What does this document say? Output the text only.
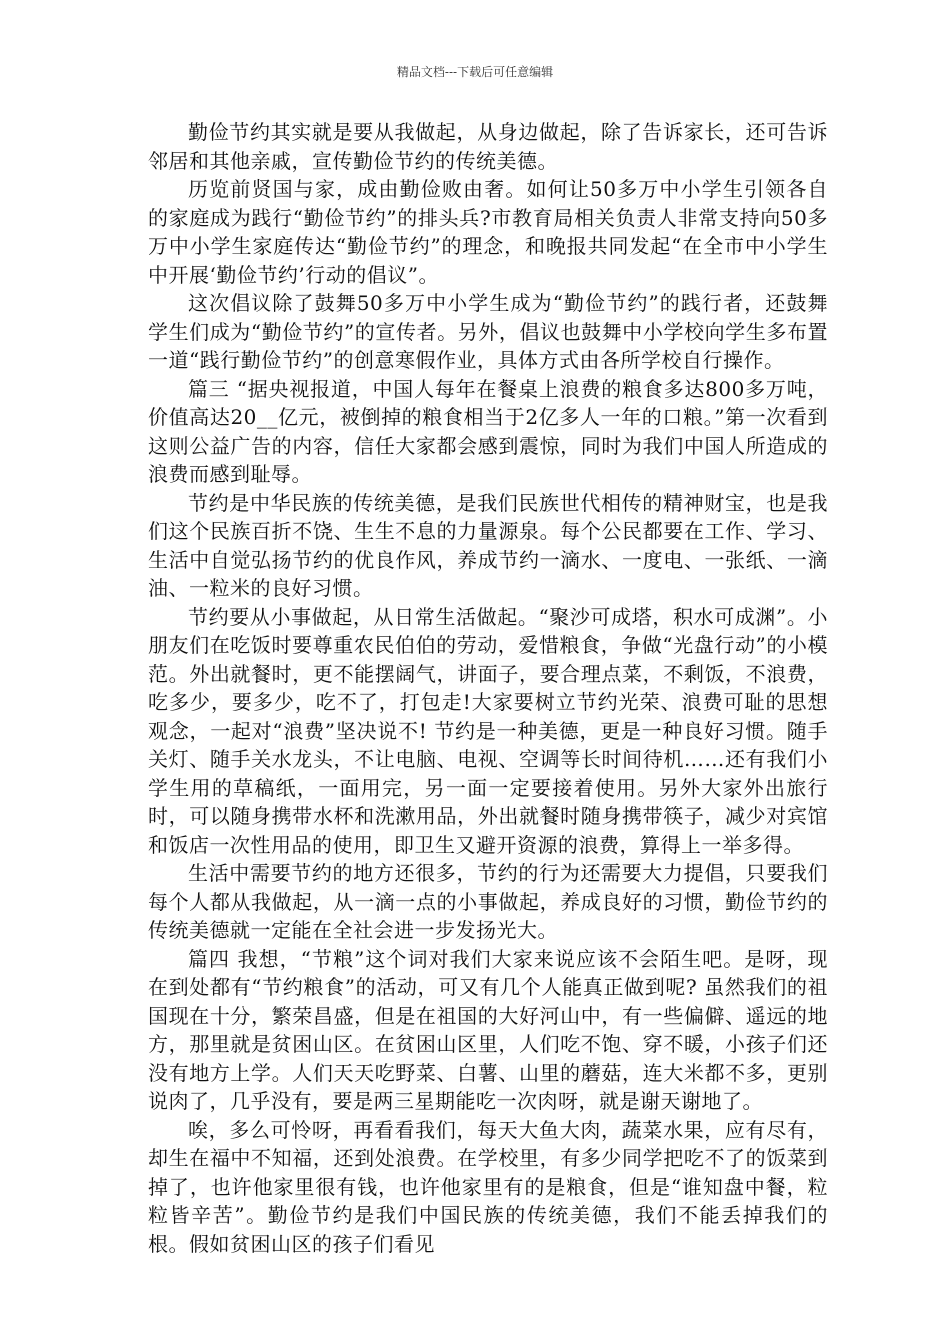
精品文档---下载后可任意编辑

勤俭节约其实就是要从我做起，从身边做起，除了告诉家长，还可告诉邻居和其他亲戚，宣传勤俭节约的传统美德。

历览前贤国与家，成由勤俭败由奢。如何让50多万中小学生引领各自的家庭成为践行“勤俭节约”的排头兵?市教育局相关负责人非常支持向50多万中小学生家庭传达“勤俭节约”的理念，和晚报共同发起“在全市中小学生中开展‘勤俭节约’行动的倡议”。

这次倡议除了鼓舞50多万中小学生成为“勤俭节约”的践行者，还鼓舞学生们成为“勤俭节约”的宣传者。另外，倡议也鼓舞中小学校向学生多布置一道“践行勤俭节约”的创意寒假作业，具体方式由各所学校自行操作。

篇三 “据央视报道，中国人每年在餐桌上浪费的粮食多达800多万吨，价值高达20__亿元，被倒掉的粮食相当于2亿多人一年的口粮。”第一次看到这则公益广告的内容，信任大家都会感到震惊，同时为我们中国人所造成的浪费而感到耻辱。

节约是中华民族的传统美德，是我们民族世代相传的精神财宝，也是我们这个民族百折不饶、生生不息的力量源泉。每个公民都要在工作、学习、生活中自觉弘扬节约的优良作风，养成节约一滴水、一度电、一张纸、一滴油、一粒米的良好习惯。

节约要从小事做起，从日常生活做起。“聚沙可成塔，积水可成渊”。小朋友们在吃饭时要尊重农民伯伯的劳动，爱惜粮食，争做“光盘行动”的小模范。外出就餐时，更不能摆阔气，讲面子，要合理点菜，不剩饭，不浪费，吃多少，要多少，吃不了，打包走!大家要树立节约光荣、浪费可耻的思想观念，一起对“浪费”坚决说不! 节约是一种美德，更是一种良好习惯。随手关灯、随手关水龙头，不让电脑、电视、空调等长时间待机……还有我们小学生用的草稿纸，一面用完，另一面一定要接着使用。另外大家外出旅行时，可以随身携带水杯和洗漱用品，外出就餐时随身携带筷子，减少对宾馆和饭店一次性用品的使用，即卫生又避开资源的浪费，算得上一举多得。

生活中需要节约的地方还很多，节约的行为还需要大力提倡，只要我们每个人都从我做起，从一滴一点的小事做起，养成良好的习惯，勤俭节约的传统美德就一定能在全社会进一步发扬光大。

篇四 我想，“节粮”这个词对我们大家来说应该不会陌生吧。是呀，现在到处都有“节约粮食”的活动，可又有几个人能真正做到呢? 虽然我们的祖国现在十分，繁荣昌盛，但是在祖国的大好河山中，有一些偏僻、遥远的地方，那里就是贫困山区。在贫困山区里，人们吃不饱、穿不暖，小孩子们还没有地方上学。人们天天吃野菜、白薯、山里的蘑菇，连大米都不多，更别说肉了，几乎没有，要是两三星期能吃一次肉呀，就是谢天谢地了。

唉，多么可怜呀，再看看我们，每天大鱼大肉，蔬菜水果，应有尽有，却生在福中不知福，还到处浪费。在学校里，有多少同学把吃不了的饭菜到掉了，也许他家里很有钱，也许他家里有的是粮食，但是“谁知盘中餐，粒粒皆辛苦”。勤俭节约是我们中国民族的传统美德，我们不能丢掉我们的根。假如贫困山区的孩子们看见
